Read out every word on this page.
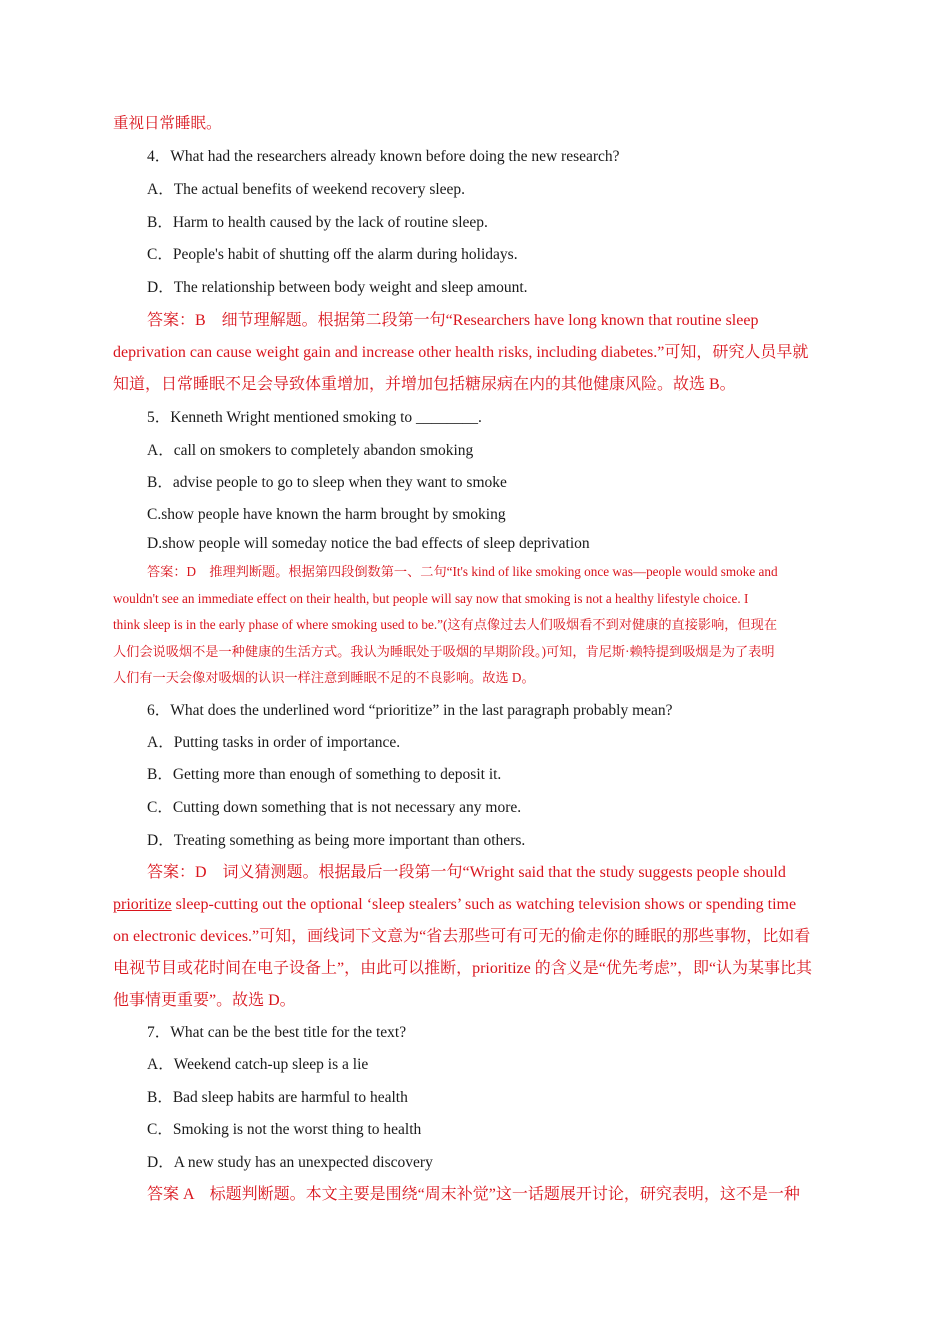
重视日常睡眠。
4．What had the researchers already known before doing the new research?
A．The actual benefits of weekend recovery sleep.
B．Harm to health caused by the lack of routine sleep.
C．People's habit of shutting off the alarm during holidays.
D．The relationship between body weight and sleep amount.

答案：B　细节理解题。根据第二段第一句“Researchers have long known that routine sleep

deprivation can cause weight gain and increase other health risks, including diabetes.”可知，研究人员早就

知道，日常睡眠不足会导致体重增加，并增加包括糖尿病在内的其他健康风险。故选 B。

5．Kenneth Wright mentioned smoking to ________.
A．call on smokers to completely abandon smoking
B．advise people to go to sleep when they want to smoke
C.show people have known the harm brought by smoking
D.show people will someday notice the bad effects of sleep deprivation

答案：D　推理判断题。根据第四段倒数第一、二句“It's kind of like smoking once was—people would smoke and

wouldn't see an immediate effect on their health, but people will say now that smoking is not a healthy lifestyle choice. I

think sleep is in the early phase of where smoking used to be.”(这有点像过去人们吸烟看不到对健康的直接影响，但现在

人们会说吸烟不是一种健康的生活方式。我认为睡眠处于吸烟的早期阶段。)可知，肯尼斯·赖特提到吸烟是为了表明

人们有一天会像对吸烟的认识一样注意到睡眠不足的不良影响。故选 D。

6．What does the underlined word “prioritize” in the last paragraph probably mean?
A．Putting tasks in order of importance.
B．Getting more than enough of something to deposit it.
C．Cutting down something that is not necessary any more.
D．Treating something as being more important than others.

答案：D　词义猜测题。根据最后一段第一句“Wright said that the study suggests people should

prioritize sleep-cutting out the optional ‘sleep stealers’ such as watching television shows or spending time

on electronic devices.”可知，画线词下文意为“省去那些可有可无的偷走你的睡眠的那些事物，比如看

电视节目或花时间在电子设备上”，由此可以推断，prioritize 的含义是“优先考虑”，即“认为某事比其

他事情更重要”。故选 D。

7．What can be the best title for the text?
A．Weekend catch-up sleep is a lie
B．Bad sleep habits are harmful to health
C．Smoking is not the worst thing to health
D．A new study has an unexpected discovery

答案 A　标题判断题。本文主要是围绕“周末补觉”这一话题展开讨论，研究表明，这不是一种
